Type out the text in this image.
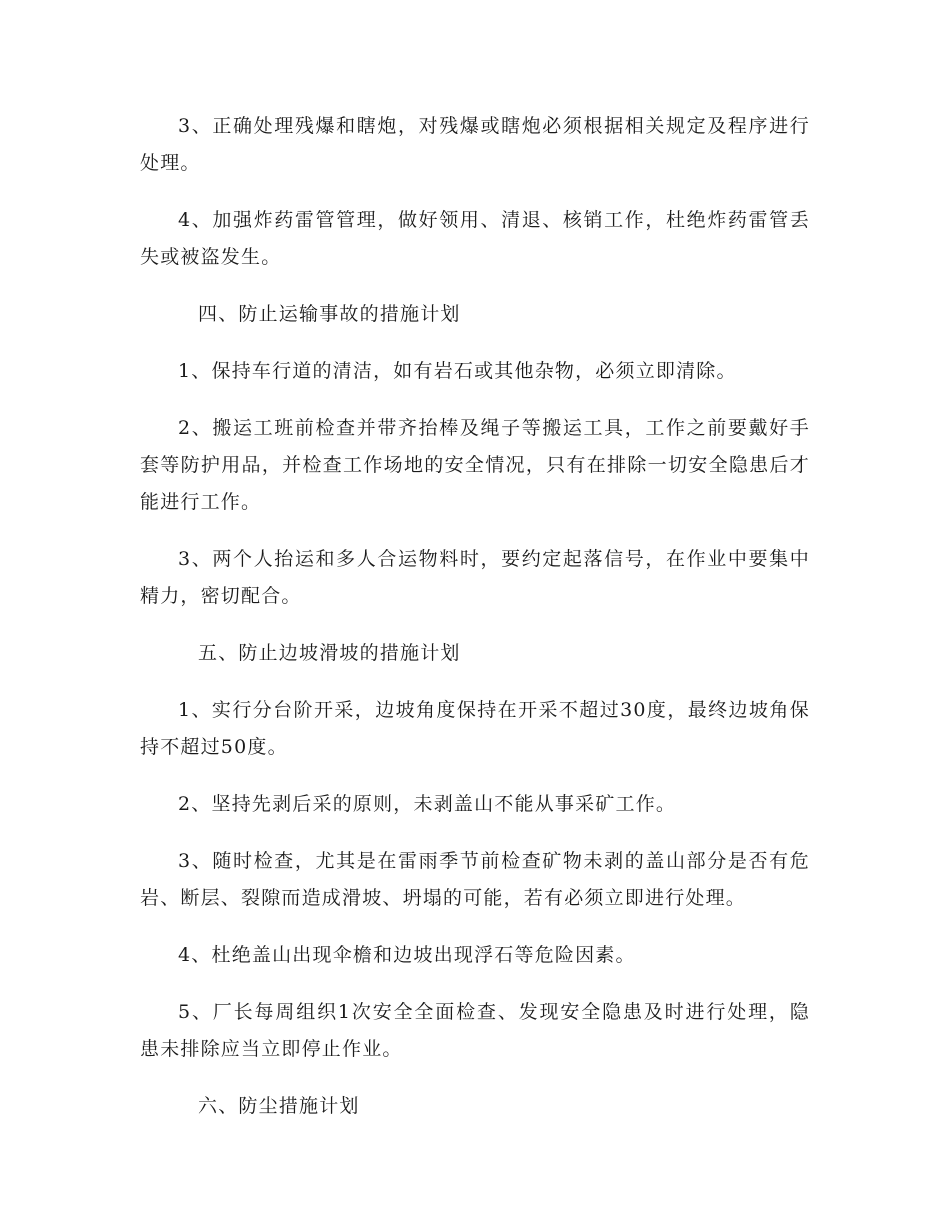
3、正确处理残爆和瞎炮，对残爆或瞎炮必须根据相关规定及程序进行处理。

4、加强炸药雷管管理，做好领用、清退、核销工作，杜绝炸药雷管丢失或被盗发生。

四、防止运输事故的措施计划

1、保持车行道的清洁，如有岩石或其他杂物，必须立即清除。

2、搬运工班前检查并带齐抬棒及绳子等搬运工具，工作之前要戴好手套等防护用品，并检查工作场地的安全情况，只有在排除一切安全隐患后才能进行工作。

3、两个人抬运和多人合运物料时，要约定起落信号，在作业中要集中精力，密切配合。

五、防止边坡滑坡的措施计划

1、实行分台阶开采，边坡角度保持在开采不超过30度，最终边坡角保持不超过50度。

2、坚持先剥后采的原则，未剥盖山不能从事采矿工作。

3、随时检查，尤其是在雷雨季节前检查矿物未剥的盖山部分是否有危岩、断层、裂隙而造成滑坡、坍塌的可能，若有必须立即进行处理。

4、杜绝盖山出现伞檐和边坡出现浮石等危险因素。

5、厂长每周组织1次安全全面检查、发现安全隐患及时进行处理，隐患未排除应当立即停止作业。

六、防尘措施计划
